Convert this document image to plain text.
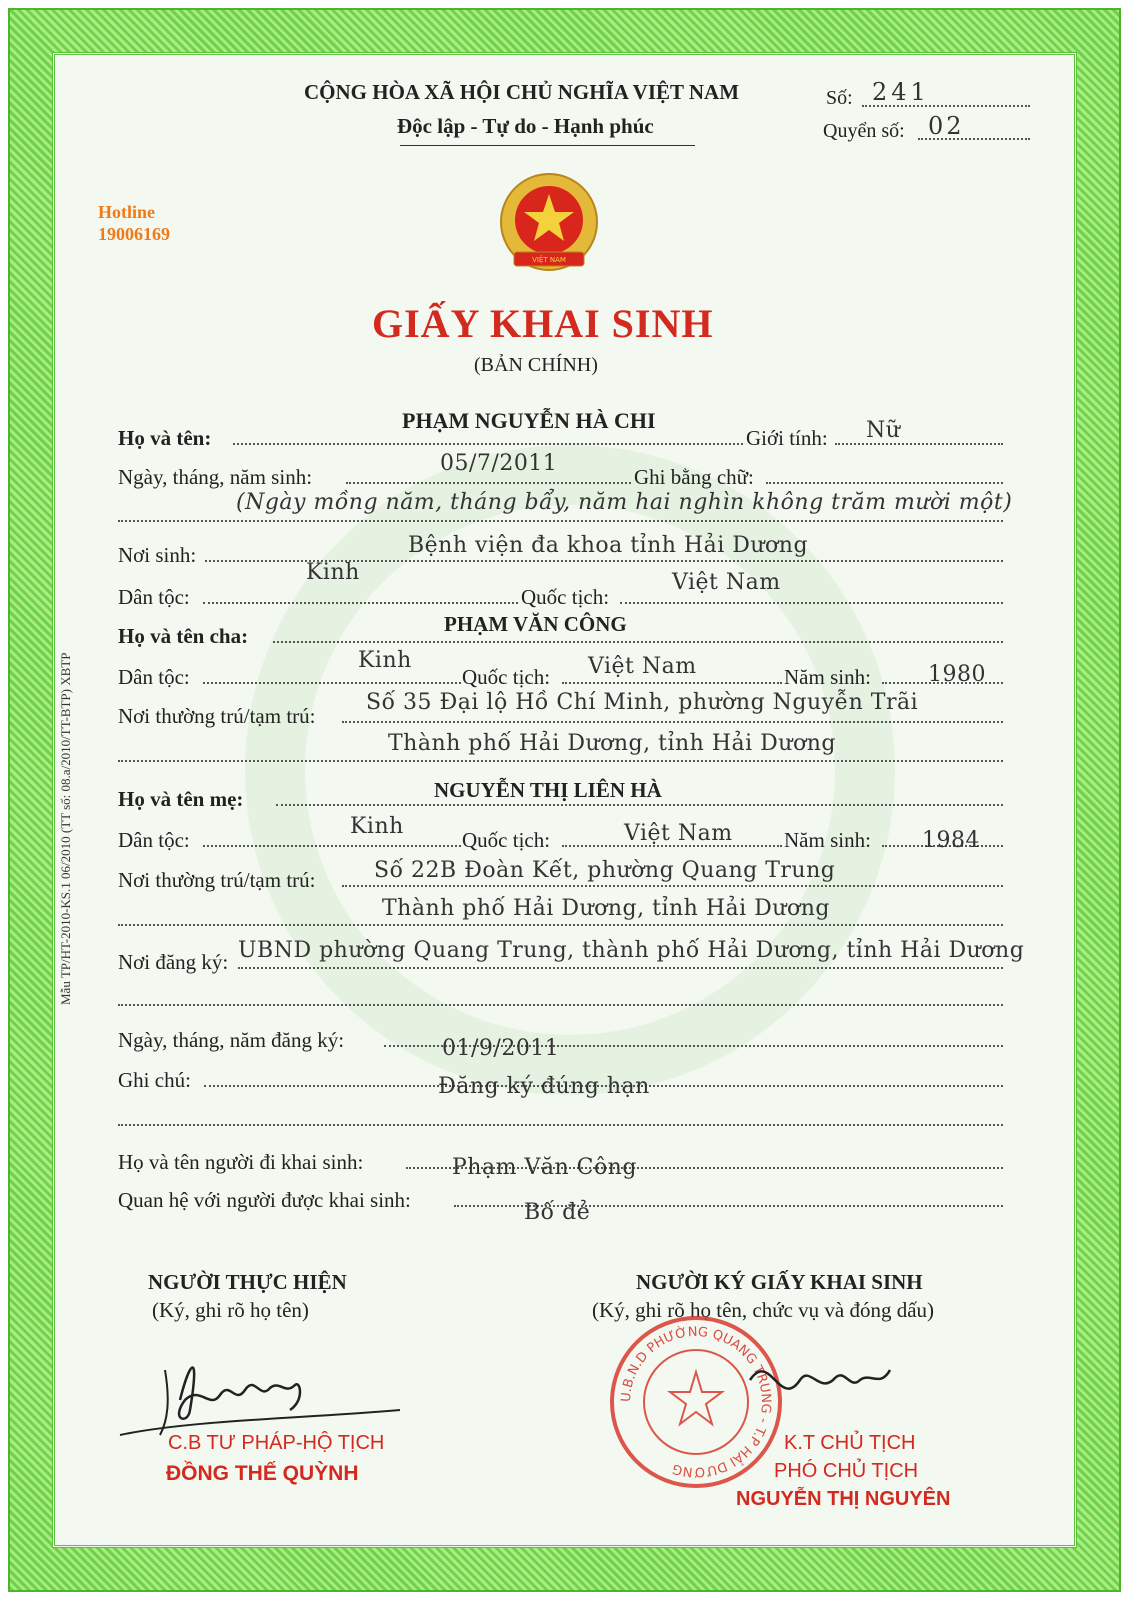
Mẫu TP/HT-2010-KS.1 06/2010 (TT số: 08.a/2010/TT-BTP) XBTP
CỘNG HÒA XÃ HỘI CHỦ NGHĨA VIỆT NAM
Độc lập - Tự do - Hạnh phúc
Số: 241
Quyển số: 02
Hotline
19006169
VIỆT NAM
GIẤY KHAI SINH
(BẢN CHÍNH)
Họ và tên:
PHẠM NGUYỄN HÀ CHI
Giới tính: Nữ
Ngày, tháng, năm sinh:
05/7/2011
Ghi bằng chữ:
(Ngày mồng năm, tháng bẩy, năm hai nghìn không trăm mười một)
Nơi sinh:	Bệnh viện đa khoa tỉnh Hải Dương
Dân tộc:
Kinh
Quốc tịch:
Việt Nam
Họ và tên cha:	PHẠM VĂN CÔNG
Dân tộc:
Kinh
Quốc tịch: Việt Nam	Năm sinh:	1980
Nơi thường trú/tạm trú:
Số 35 Đại lộ Hồ Chí Minh, phường Nguyễn Trãi
Thành phố Hải Dương, tỉnh Hải Dương
Họ và tên mẹ:	NGUYỄN THỊ LIÊN HÀ
Dân tộc:
Kinh
Quốc tịch:	Việt Nam Năm sinh: 1984
Nơi thường trú/tạm trú:	Số 22B Đoàn Kết, phường Quang Trung
Thành phố Hải Dương, tỉnh Hải Dương
Nơi đăng ký: UBND phường Quang Trung, thành phố Hải Dương, tỉnh Hải Dương
Ngày, tháng, năm đăng ký:	01/9/2011
Ghi chú:	Đăng ký đúng hạn
Họ và tên người đi khai sinh:	Phạm Văn Công
Quan hệ với người được khai sinh:	Bố đẻ
NGƯỜI THỰC HIỆN
(Ký, ghi rõ họ tên)
C.B TƯ PHÁP-HỘ TỊCH
ĐỒNG THẾ QUỲNH
NGƯỜI KÝ GIẤY KHAI SINH
(Ký, ghi rõ họ tên, chức vụ và đóng dấu)
U.B.N.D PHƯỜNG QUANG TRUNG - T.P HẢI DƯƠNG
K.T CHỦ TỊCH
PHÓ CHỦ TỊCH
NGUYỄN THỊ NGUYÊN
